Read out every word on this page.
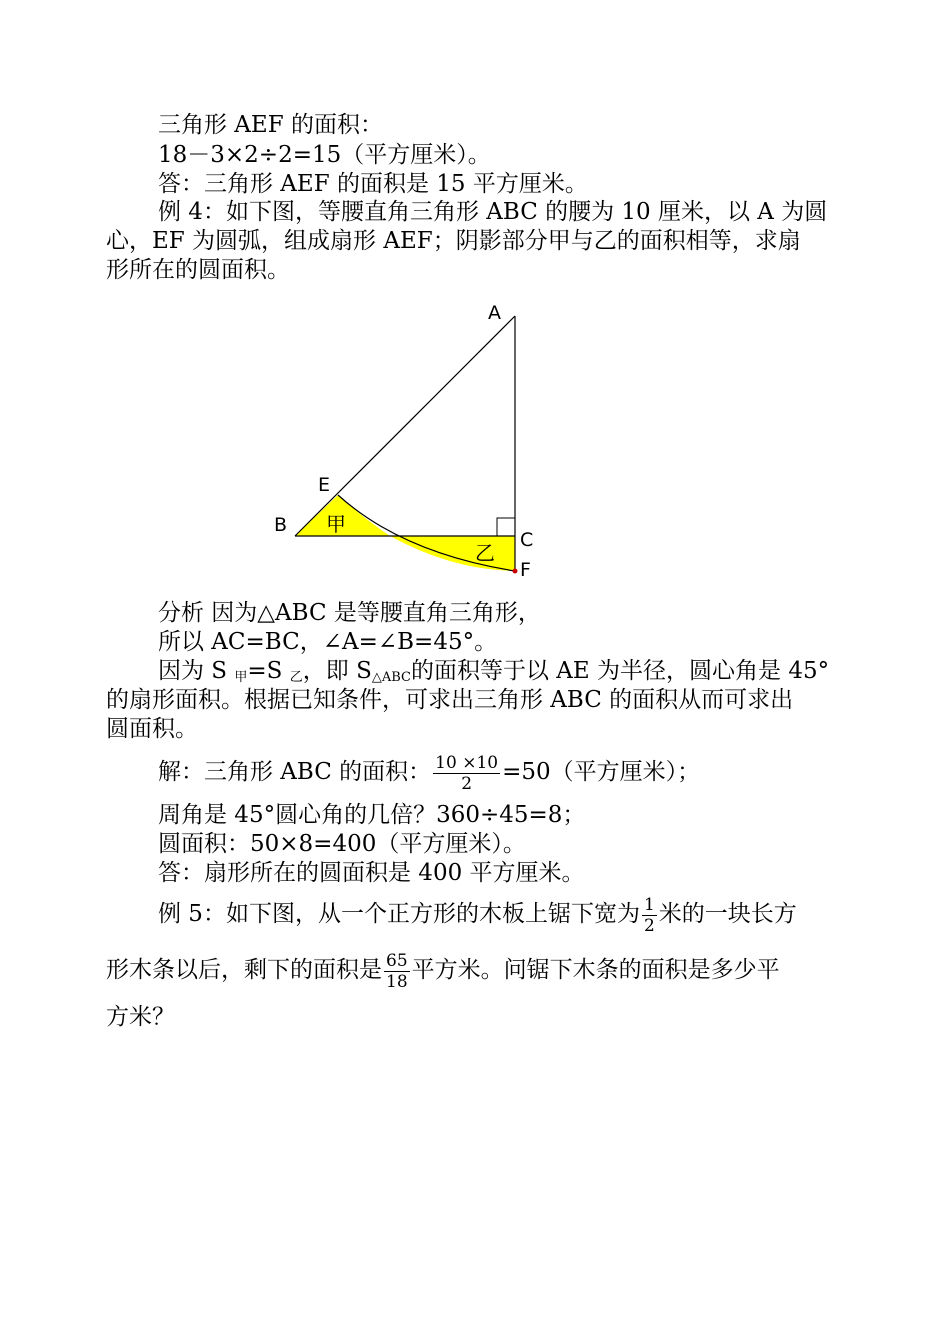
三角形 AEF 的面积：
18－3×2÷2=15（平方厘米）。
答：三角形 AEF 的面积是 15 平方厘米。
例 4：如下图，等腰直角三角形 ABC 的腰为 10 厘米，以 A 为圆
心，EF 为圆弧，组成扇形 AEF；阴影部分甲与乙的面积相等，求扇
形所在的圆面积。
A
E
B
C
F
甲
乙
分析 因为△ABC 是等腰直角三角形，
所以 AC=BC，∠A=∠B=45°。
因为 S 甲=S 乙，即 S△ABC的面积等于以 AE 为半径，圆心角是 45°
的扇形面积。根据已知条件，可求出三角形 ABC 的面积从而可求出
圆面积。
解：三角形 ABC 的面积： $\frac{10 \times 10}{2} =50$（平方厘米）；
周角是 45°圆心角的几倍？360÷45=8；
圆面积：50×8=400（平方厘米）。
答：扇形所在的圆面积是 400 平方厘米。
例 5：如下图，从一个正方形的木板上锯下宽为 $\frac{1}{2}$ 米的一块长方
形木条以后，剩下的面积是 $\frac{65}{18}$ 平方米。问锯下木条的面积是多少平
方米？
